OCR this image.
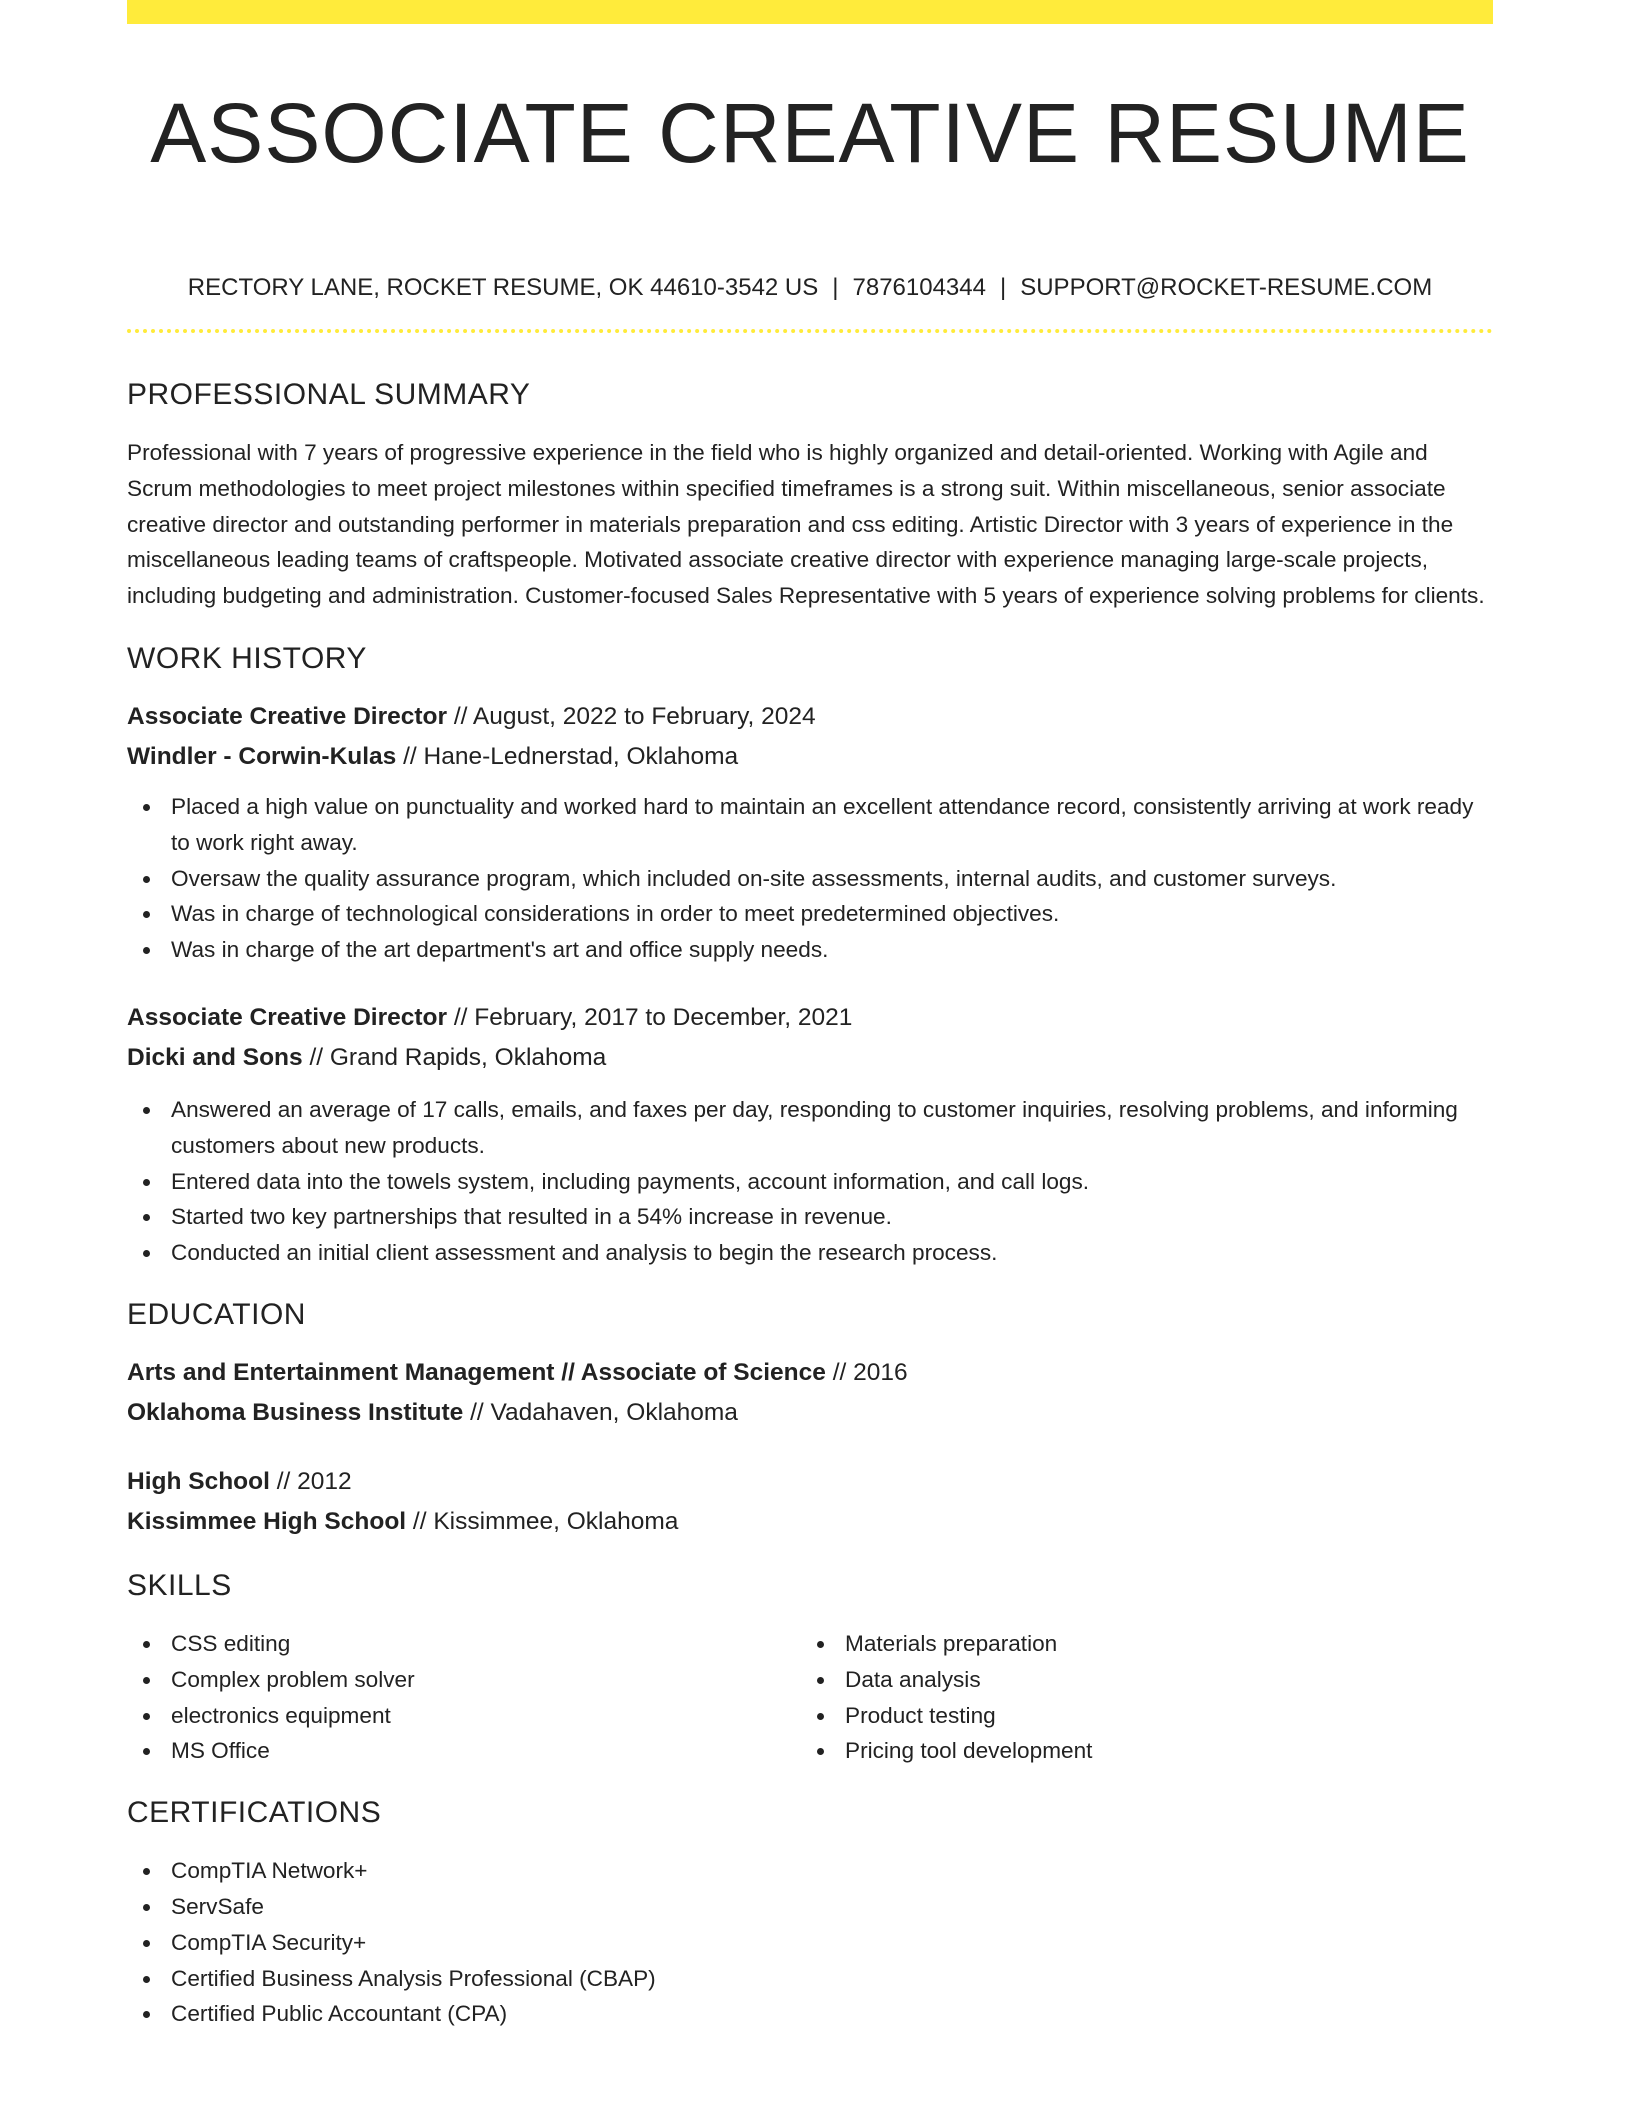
ASSOCIATE CREATIVE RESUME
RECTORY LANE, ROCKET RESUME, OK 44610-3542 US | 7876104344 | SUPPORT@ROCKET-RESUME.COM
PROFESSIONAL SUMMARY

Professional with 7 years of progressive experience in the field who is highly organized and detail-oriented. Working with Agile and Scrum methodologies to meet project milestones within specified timeframes is a strong suit. Within miscellaneous, senior associate creative director and outstanding performer in materials preparation and css editing. Artistic Director with 3 years of experience in the miscellaneous leading teams of craftspeople. Motivated associate creative director with experience managing large-scale projects, including budgeting and administration. Customer-focused Sales Representative with 5 years of experience solving problems for clients.

WORK HISTORY
Associate Creative Director // August, 2022 to February, 2024
Windler - Corwin-Kulas // Hane-Lednerstad, Oklahoma
Placed a high value on punctuality and worked hard to maintain an excellent attendance record, consistently arriving at work ready to work right away.
Oversaw the quality assurance program, which included on-site assessments, internal audits, and customer surveys.
Was in charge of technological considerations in order to meet predetermined objectives.
Was in charge of the art department's art and office supply needs.
Associate Creative Director // February, 2017 to December, 2021
Dicki and Sons // Grand Rapids, Oklahoma
Answered an average of 17 calls, emails, and faxes per day, responding to customer inquiries, resolving problems, and informing customers about new products.
Entered data into the towels system, including payments, account information, and call logs.
Started two key partnerships that resulted in a 54% increase in revenue.
Conducted an initial client assessment and analysis to begin the research process.
EDUCATION
Arts and Entertainment Management // Associate of Science // 2016
Oklahoma Business Institute // Vadahaven, Oklahoma
High School // 2012
Kissimmee High School // Kissimmee, Oklahoma
SKILLS
CSS editing
Complex problem solver
electronics equipment
MS Office
Materials preparation
Data analysis
Product testing
Pricing tool development
CERTIFICATIONS
CompTIA Network+
ServSafe
CompTIA Security+
Certified Business Analysis Professional (CBAP)
Certified Public Accountant (CPA)
